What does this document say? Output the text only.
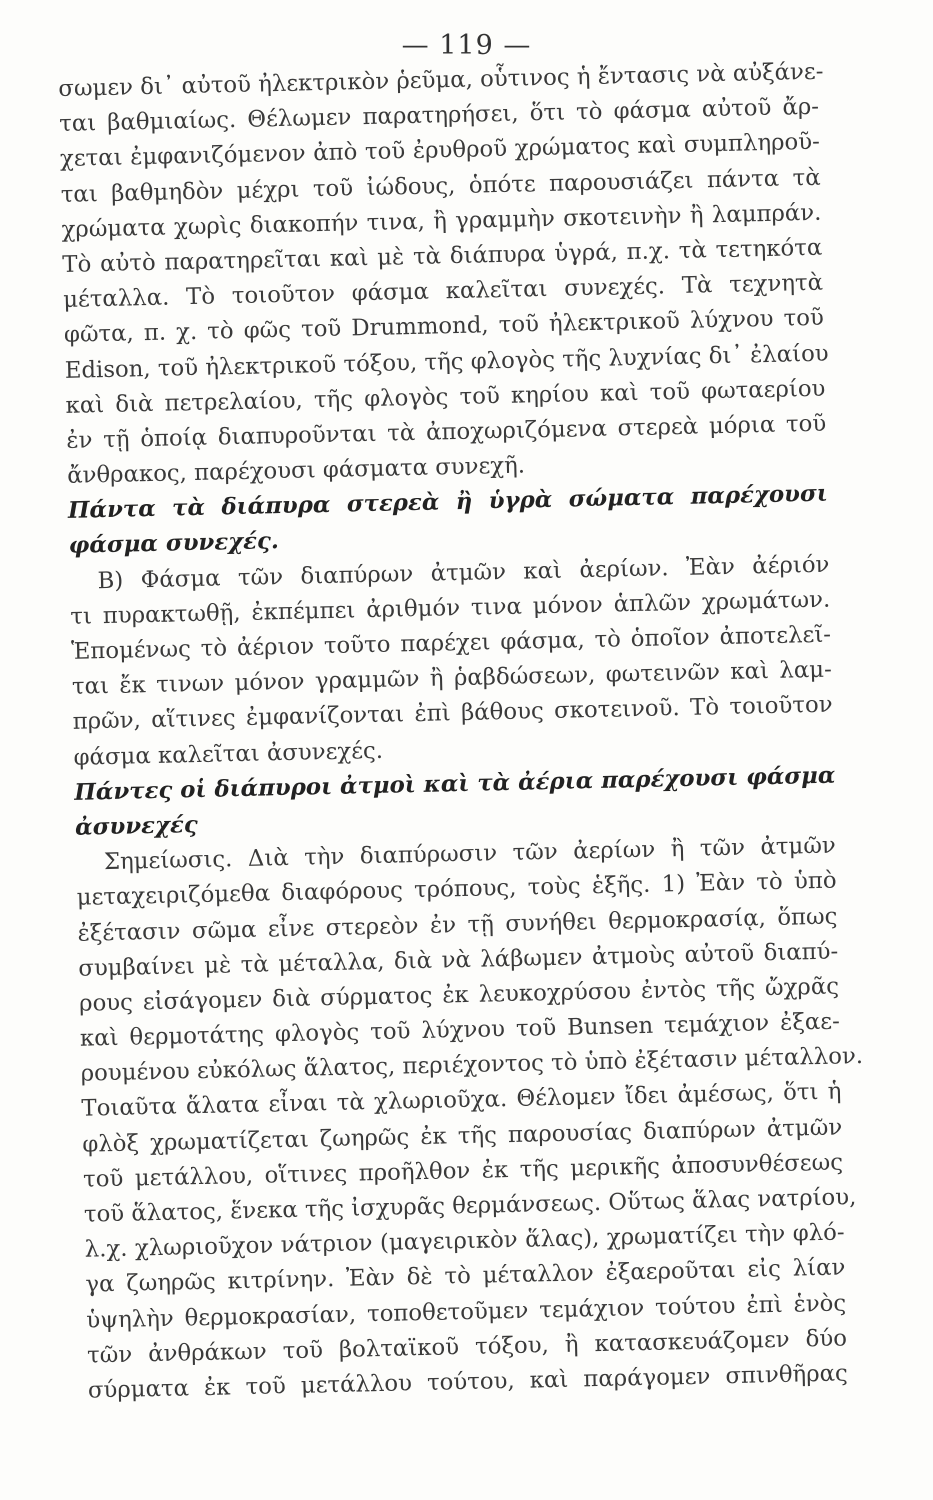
— 119 —
σωμεν δι᾽ αὐτοῦ ἠλεκτρικὸν ῥεῦμα, οὗτινος ἡ ἔντασις νὰ αὐξάνε-
ται βαθμιαίως. Θέλωμεν παρατηρήσει, ὅτι τὸ φάσμα αὐτοῦ ἄρ-
χεται ἐμφανιζόμενον ἀπὸ τοῦ ἐρυθροῦ χρώματος καὶ συμπληροῦ-
ται βαθμηδὸν μέχρι τοῦ ἰώδους, ὁπότε παρουσιάζει πάντα τὰ
χρώματα χωρὶς διακοπήν τινα, ἢ γραμμὴν σκοτεινὴν ἢ λαμπράν.
Τὸ αὐτὸ παρατηρεῖται καὶ μὲ τὰ διάπυρα ὑγρά, π.χ. τὰ τετηκότα
μέταλλα. Τὸ τοιοῦτον φάσμα καλεῖται συνεχές. Τὰ τεχνητὰ
φῶτα, π. χ. τὸ φῶς τοῦ Drummond, τοῦ ἠλεκτρικοῦ λύχνου τοῦ
Edison, τοῦ ἠλεκτρικοῦ τόξου, τῆς φλογὸς τῆς λυχνίας δι᾽ ἐλαίου
καὶ διὰ πετρελαίου, τῆς φλογὸς τοῦ κηρίου καὶ τοῦ φωταερίου
ἐν τῇ ὁποίᾳ διαπυροῦνται τὰ ἀποχωριζόμενα στερεὰ μόρια τοῦ
ἄνθρακος, παρέχουσι φάσματα συνεχῆ.
Πάντα τὰ διάπυρα στερεὰ ἢ ὑγρὰ σώματα παρέχουσι
φάσμα συνεχές.
Β) Φάσμα τῶν διαπύρων ἀτμῶν καὶ ἀερίων. Ἐὰν ἀέριόν
τι πυρακτωθῇ, ἐκπέμπει ἀριθμόν τινα μόνον ἁπλῶν χρωμάτων.
Ἑπομένως τὸ ἀέριον τοῦτο παρέχει φάσμα, τὸ ὁποῖον ἀποτελεῖ-
ται ἔκ τινων μόνον γραμμῶν ἢ ῥαβδώσεων, φωτεινῶν καὶ λαμ-
πρῶν, αἵτινες ἐμφανίζονται ἐπὶ βάθους σκοτεινοῦ. Τὸ τοιοῦτον
φάσμα καλεῖται ἀσυνεχές.
Πάντες οἱ διάπυροι ἀτμοὶ καὶ τὰ ἀέρια παρέχουσι φάσμα
ἀσυνεχές
Σημείωσις. Διὰ τὴν διαπύρωσιν τῶν ἀερίων ἢ τῶν ἀτμῶν
μεταχειριζόμεθα διαφόρους τρόπους, τοὺς ἑξῆς. 1) Ἐὰν τὸ ὑπὸ
ἐξέτασιν σῶμα εἶνε στερεὸν ἐν τῇ συνήθει θερμοκρασίᾳ, ὅπως
συμβαίνει μὲ τὰ μέταλλα, διὰ νὰ λάβωμεν ἀτμοὺς αὐτοῦ διαπύ-
ρους εἰσάγομεν διὰ σύρματος ἐκ λευκοχρύσου ἐντὸς τῆς ὤχρᾶς
καὶ θερμοτάτης φλογὸς τοῦ λύχνου τοῦ Bunsen τεμάχιον ἐξαε-
ρουμένου εὐκόλως ἅλατος, περιέχοντος τὸ ὑπὸ ἐξέτασιν μέταλλον.
Τοιαῦτα ἅλατα εἶναι τὰ χλωριοῦχα. Θέλομεν ἴδει ἀμέσως, ὅτι ἡ
φλὸξ χρωματίζεται ζωηρῶς ἐκ τῆς παρουσίας διαπύρων ἀτμῶν
τοῦ μετάλλου, οἵτινες προῆλθον ἐκ τῆς μερικῆς ἀποσυνθέσεως
τοῦ ἅλατος, ἕνεκα τῆς ἰσχυρᾶς θερμάνσεως. Οὕτως ἅλας νατρίου,
λ.χ. χλωριοῦχον νάτριον (μαγειρικὸν ἅλας), χρωματίζει τὴν φλό-
γα ζωηρῶς κιτρίνην. Ἐὰν δὲ τὸ μέταλλον ἐξαεροῦται εἰς λίαν
ὑψηλὴν θερμοκρασίαν, τοποθετοῦμεν τεμάχιον τούτου ἐπὶ ἑνὸς
τῶν ἀνθράκων τοῦ βολταϊκοῦ τόξου, ἢ κατασκευάζομεν δύο
σύρματα ἐκ τοῦ μετάλλου τούτου, καὶ παράγομεν σπινθῆρας
